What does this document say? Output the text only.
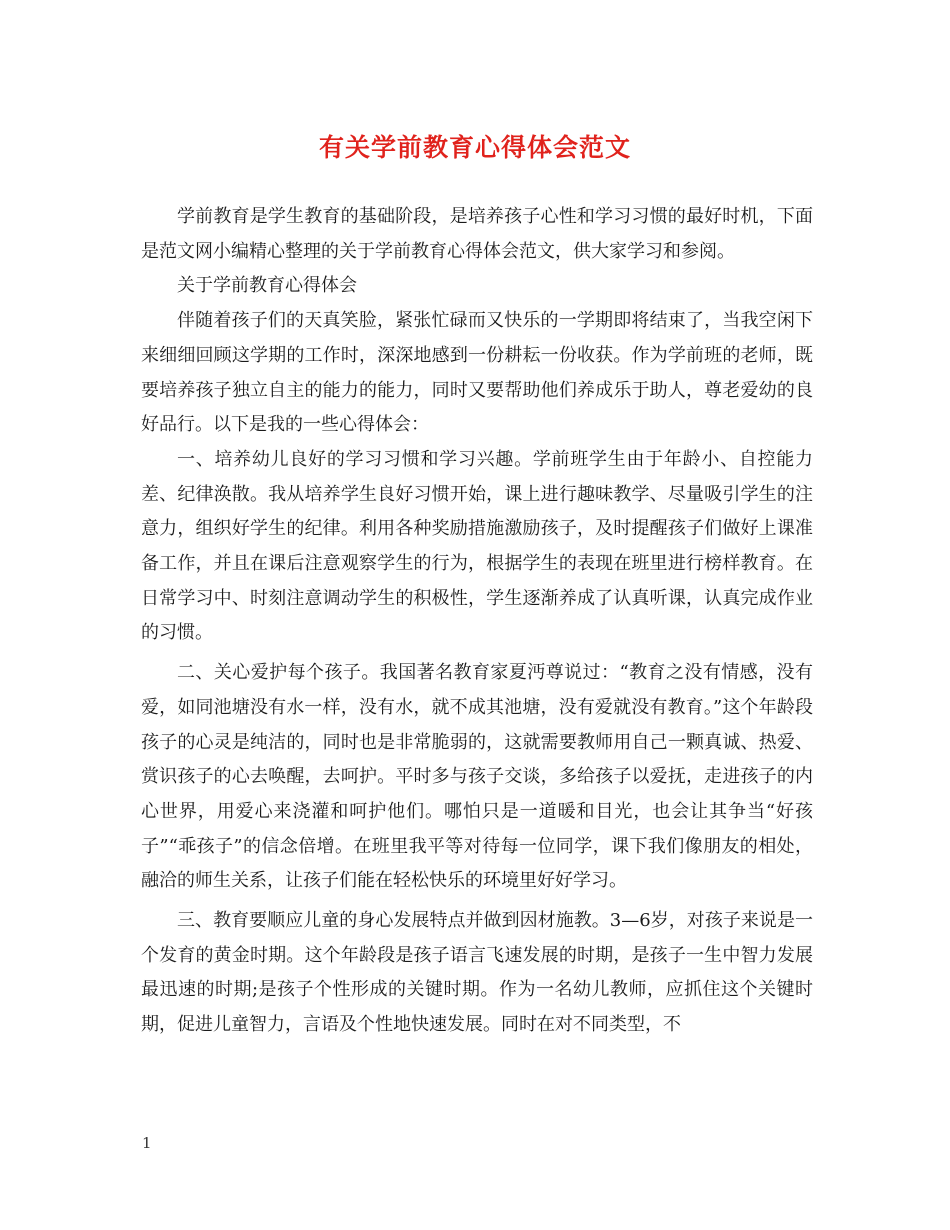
有关学前教育心得体会范文

学前教育是学生教育的基础阶段，是培养孩子心性和学习习惯的最好时机，下面是范文网小编精心整理的关于学前教育心得体会范文，供大家学习和参阅。

关于学前教育心得体会

伴随着孩子们的天真笑脸，紧张忙碌而又快乐的一学期即将结束了，当我空闲下来细细回顾这学期的工作时，深深地感到一份耕耘一份收获。作为学前班的老师，既要培养孩子独立自主的能力的能力，同时又要帮助他们养成乐于助人，尊老爱幼的良好品行。以下是我的一些心得体会：

一、培养幼儿良好的学习习惯和学习兴趣。学前班学生由于年龄小、自控能力差、纪律涣散。我从培养学生良好习惯开始，课上进行趣味教学、尽量吸引学生的注意力，组织好学生的纪律。利用各种奖励措施激励孩子，及时提醒孩子们做好上课准备工作，并且在课后注意观察学生的行为，根据学生的表现在班里进行榜样教育。在日常学习中、时刻注意调动学生的积极性，学生逐渐养成了认真听课，认真完成作业的习惯。

二、关心爱护每个孩子。我国著名教育家夏沔尊说过：“教育之没有情感，没有爱，如同池塘没有水一样，没有水，就不成其池塘，没有爱就没有教育。”这个年龄段孩子的心灵是纯洁的，同时也是非常脆弱的，这就需要教师用自己一颗真诚、热爱、赏识孩子的心去唤醒，去呵护。平时多与孩子交谈，多给孩子以爱抚，走进孩子的内心世界，用爱心来浇灌和呵护他们。哪怕只是一道暖和目光，也会让其争当“好孩子”“乖孩子”的信念倍增。在班里我平等对待每一位同学，课下我们像朋友的相处，融洽的师生关系，让孩子们能在轻松快乐的环境里好好学习。

三、教育要顺应儿童的身心发展特点并做到因材施教。3—6岁，对孩子来说是一个发育的黄金时期。这个年龄段是孩子语言飞速发展的时期，是孩子一生中智力发展最迅速的时期;是孩子个性形成的关键时期。作为一名幼儿教师，应抓住这个关键时期，促进儿童智力，言语及个性地快速发展。同时在对不同类型，不

1
